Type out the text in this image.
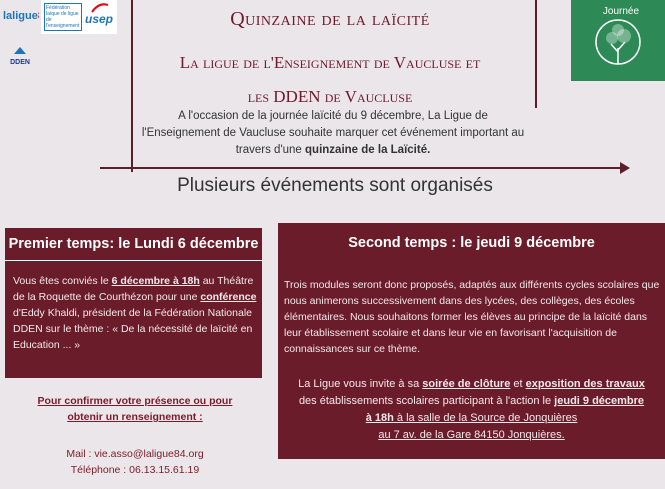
laligue
Fédération laïque de ligue de l'enseignement usep
DDEN
Journée
Quinzaine de la laïcité
La ligue de l'Enseignement de Vaucluse et
les DDEN de Vaucluse
A l'occasion de la journée laïcité du 9 décembre, La Ligue de l'Enseignement de Vaucluse souhaite marquer cet événement important au travers d'une quinzaine de la Laïcité.
Plusieurs événements sont organisés
Premier temps: le Lundi 6 décembre
Vous êtes conviés le 6 décembre à 18h au Théâtre de la Roquette de Courthézon pour une conférence d'Eddy Khaldi, président de la Fédération Nationale DDEN sur le thème : « De la nécessité de laïcité en Education ... »
Second temps : le jeudi 9 décembre
Trois modules seront donc proposés, adaptés aux différents cycles scolaires que nous animerons successivement dans des lycées, des collèges, des écoles élémentaires. Nous souhaitons former les élèves au principe de la laïcité dans leur établissement scolaire et dans leur vie en favorisant l'acquisition de connaissances sur ce thème.
La Ligue vous invite à sa soirée de clôture et exposition des travaux des établissements scolaires participant à l'action le jeudi 9 décembre à 18h à la salle de la Source de Jonquières
au 7 av. de la Gare 84150 Jonquières.
Pour confirmer votre présence ou pour
obtenir un renseignement :
Mail : vie.asso@laligue84.org
Téléphone : 06.13.15.61.19
